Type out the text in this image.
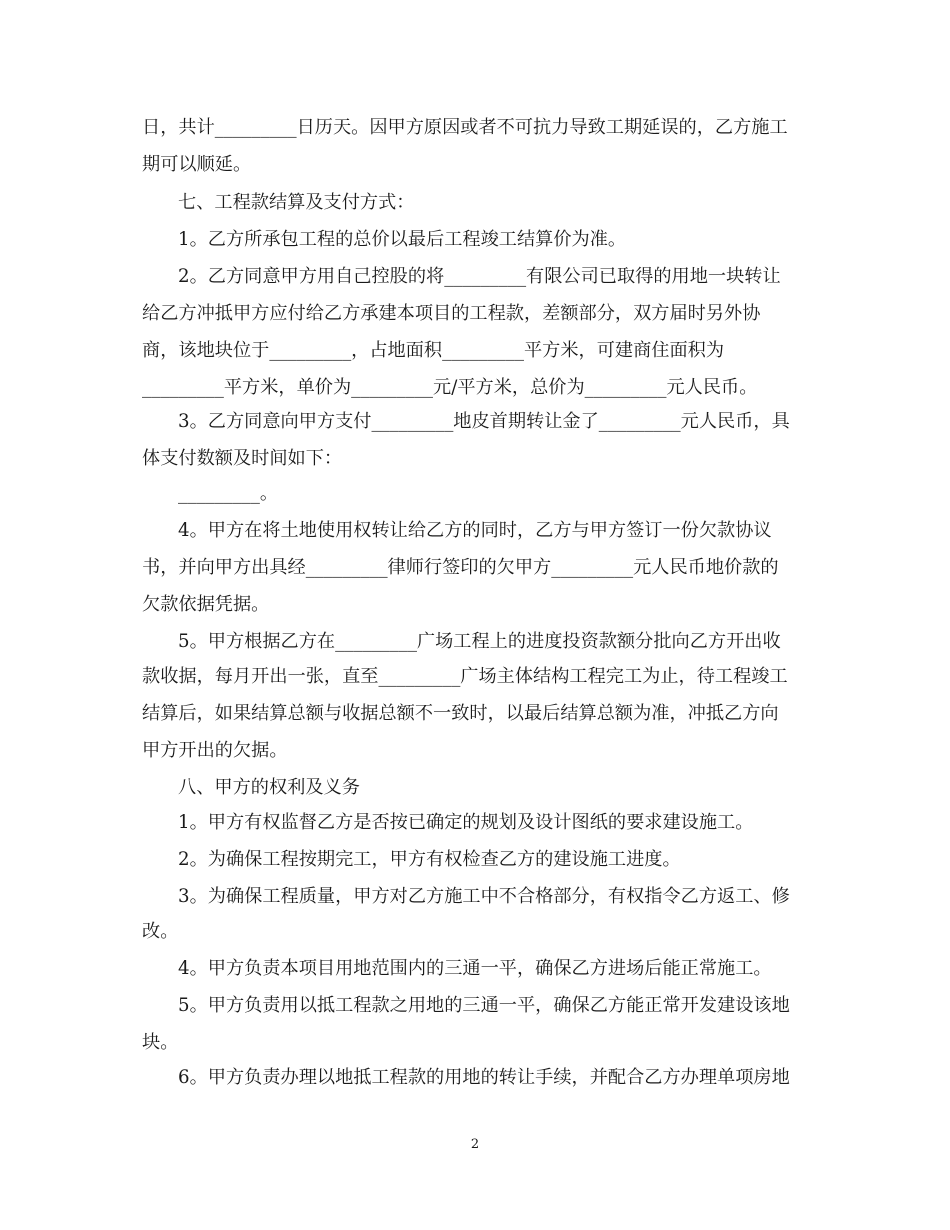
日，共计_________日历天。因甲方原因或者不可抗力导致工期延误的，乙方施工
期可以顺延。
七、工程款结算及支付方式：
1。乙方所承包工程的总价以最后工程竣工结算价为准。
2。乙方同意甲方用自己控股的将_________有限公司已取得的用地一块转让
给乙方冲抵甲方应付给乙方承建本项目的工程款，差额部分，双方届时另外协
商，该地块位于_________，占地面积_________平方米，可建商住面积为
_________平方米，单价为_________元/平方米，总价为_________元人民币。
3。乙方同意向甲方支付_________地皮首期转让金了_________元人民币，具
体支付数额及时间如下：
_________。
4。甲方在将土地使用权转让给乙方的同时，乙方与甲方签订一份欠款协议
书，并向甲方出具经_________律师行签印的欠甲方_________元人民币地价款的
欠款依据凭据。
5。甲方根据乙方在_________广场工程上的进度投资款额分批向乙方开出收
款收据，每月开出一张，直至_________广场主体结构工程完工为止，待工程竣工
结算后，如果结算总额与收据总额不一致时，以最后结算总额为准，冲抵乙方向
甲方开出的欠据。
八、甲方的权利及义务
1。甲方有权监督乙方是否按已确定的规划及设计图纸的要求建设施工。
2。为确保工程按期完工，甲方有权检查乙方的建设施工进度。
3。为确保工程质量，甲方对乙方施工中不合格部分，有权指令乙方返工、修
改。
4。甲方负责本项目用地范围内的三通一平，确保乙方进场后能正常施工。
5。甲方负责用以抵工程款之用地的三通一平，确保乙方能正常开发建设该地
块。
6。甲方负责办理以地抵工程款的用地的转让手续，并配合乙方办理单项房地
2
